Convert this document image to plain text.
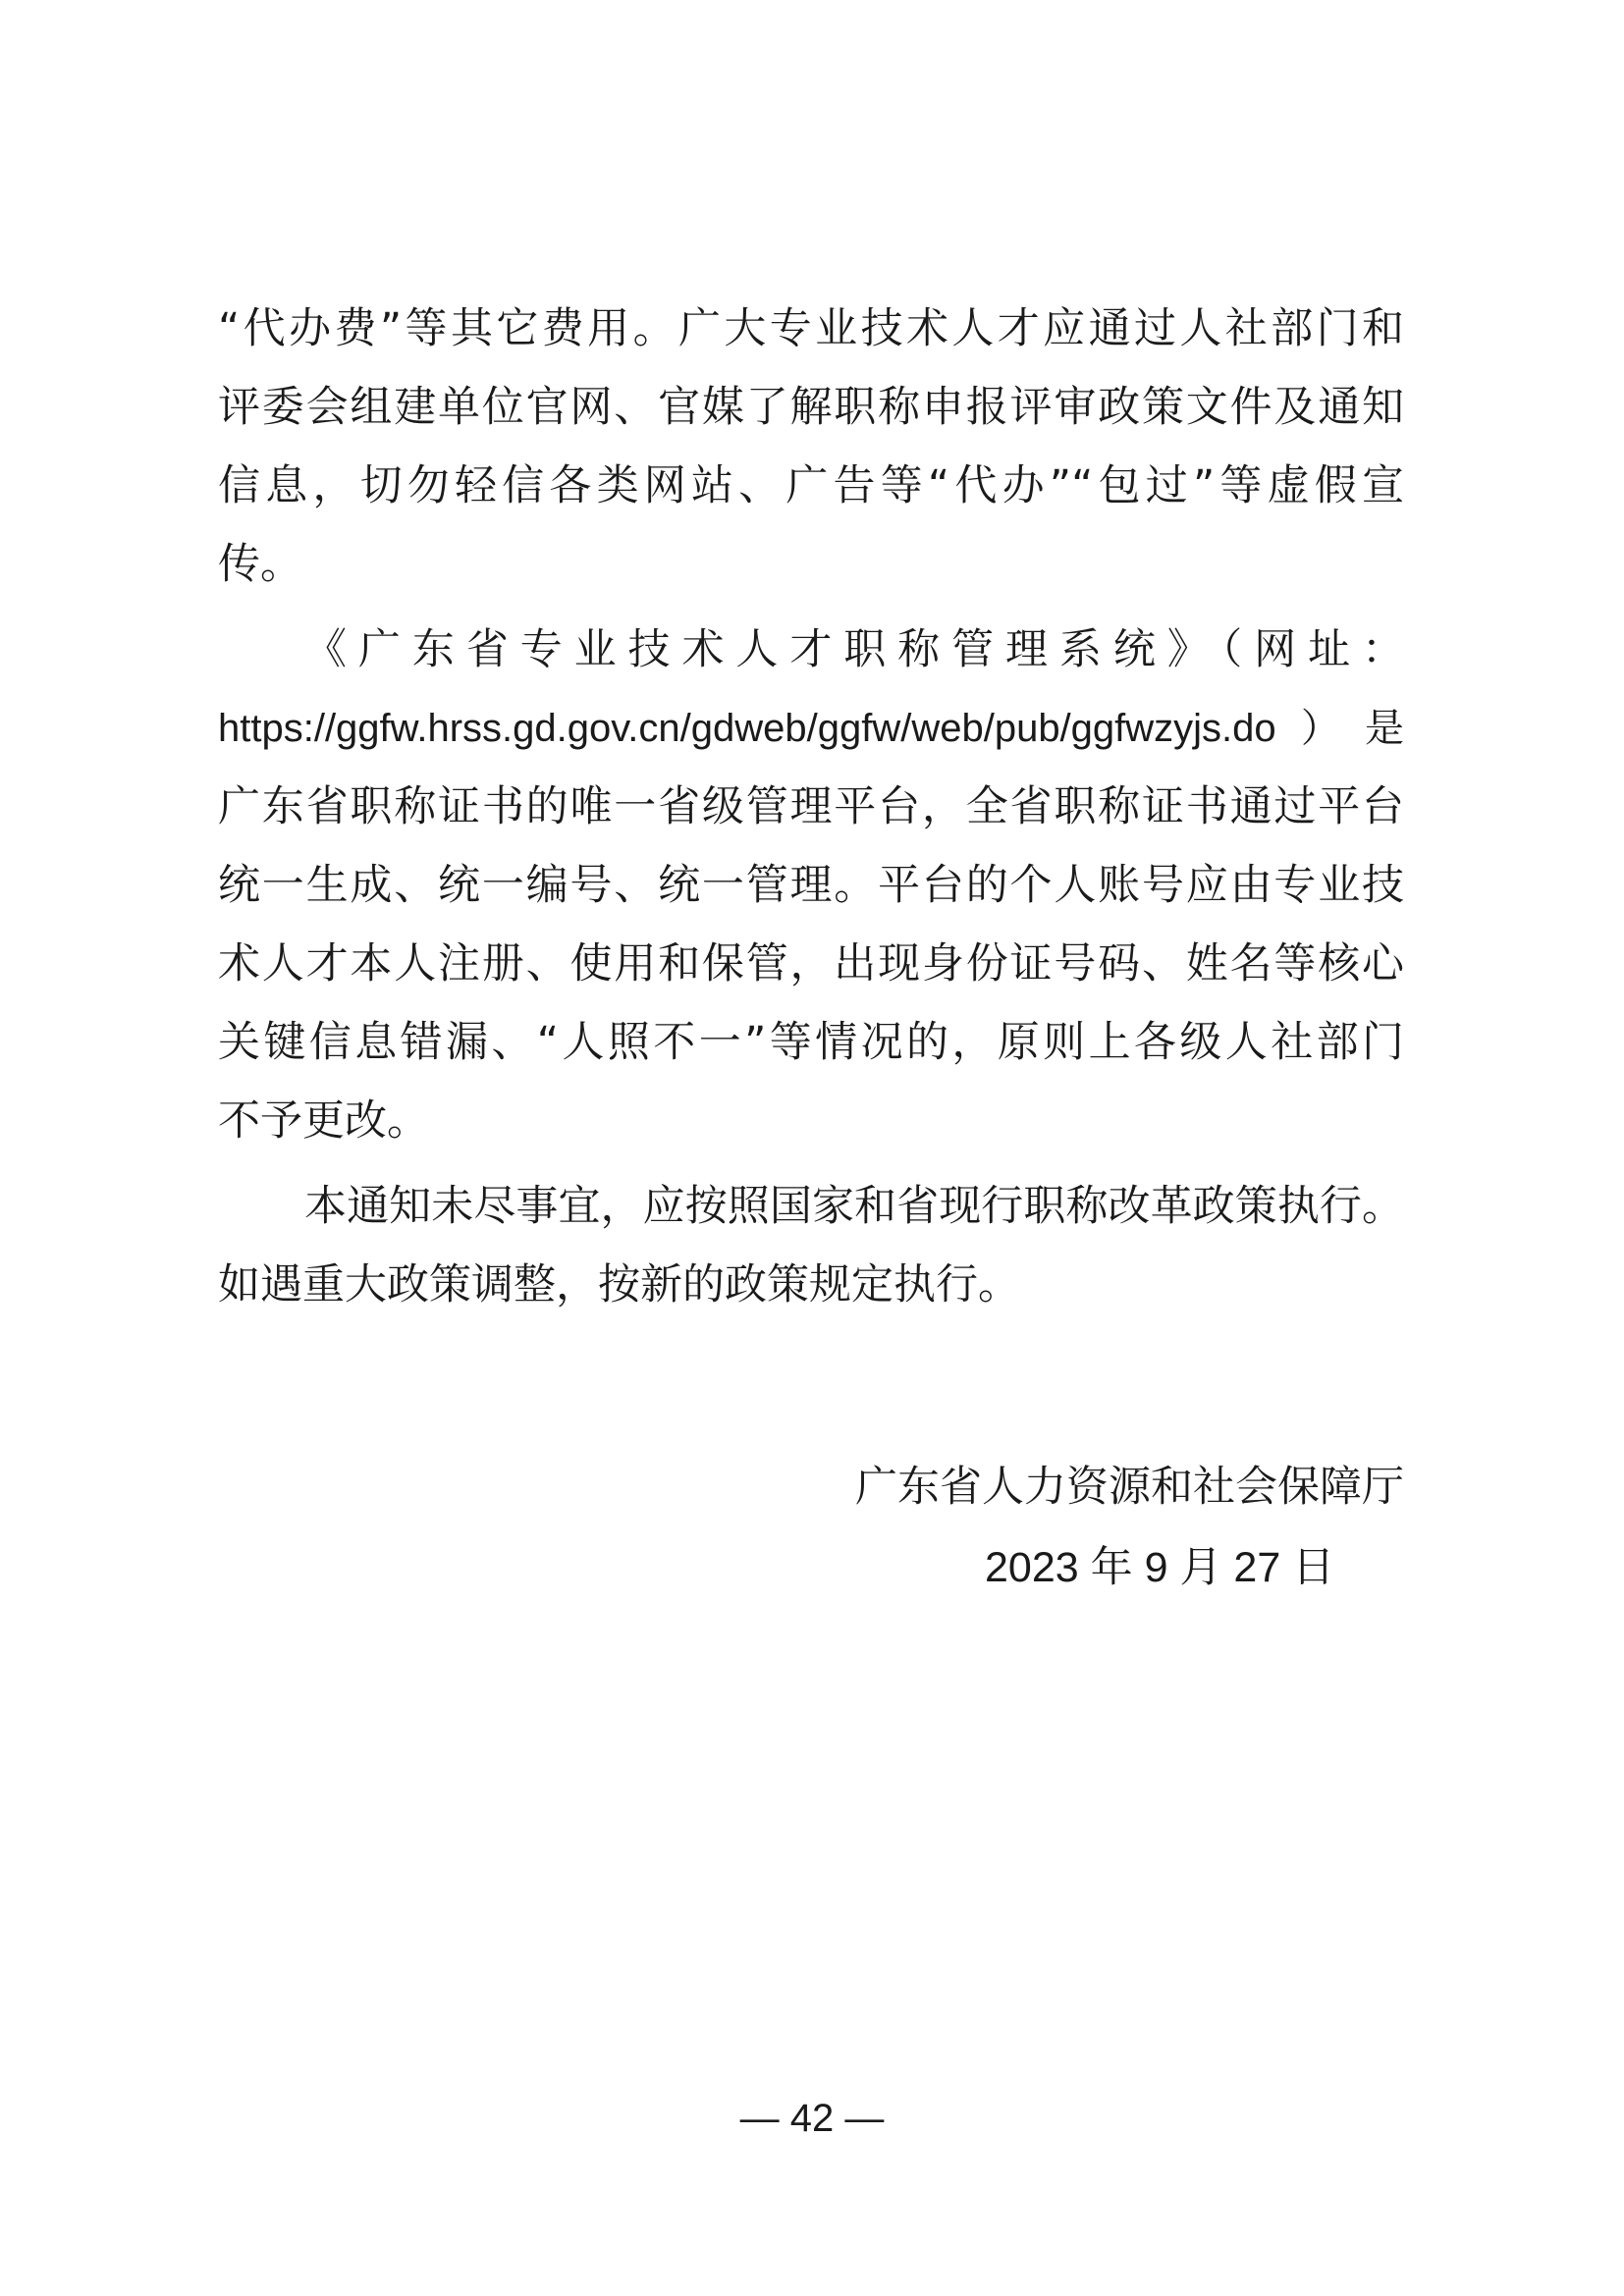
“代办费”等其它费用。广大专业技术人才应通过人社部门和
评委会组建单位官网、官媒了解职称申报评审政策文件及通知
信息，切勿轻信各类网站、广告等“代办”“包过”等虚假宣
传。
《广东省专业技术人才职称管理系统》（网址：
https://ggfw.hrss.gd.gov.cn/gdweb/ggfw/web/pub/ggfwzyjs.do）是
广东省职称证书的唯一省级管理平台，全省职称证书通过平台
统一生成、统一编号、统一管理。平台的个人账号应由专业技
术人才本人注册、使用和保管，出现身份证号码、姓名等核心
关键信息错漏、“人照不一”等情况的，原则上各级人社部门
不予更改。
本通知未尽事宜，应按照国家和省现行职称改革政策执行。
如遇重大政策调整，按新的政策规定执行。
广东省人力资源和社会保障厅
2023 年 9 月 27 日
— 42 —
